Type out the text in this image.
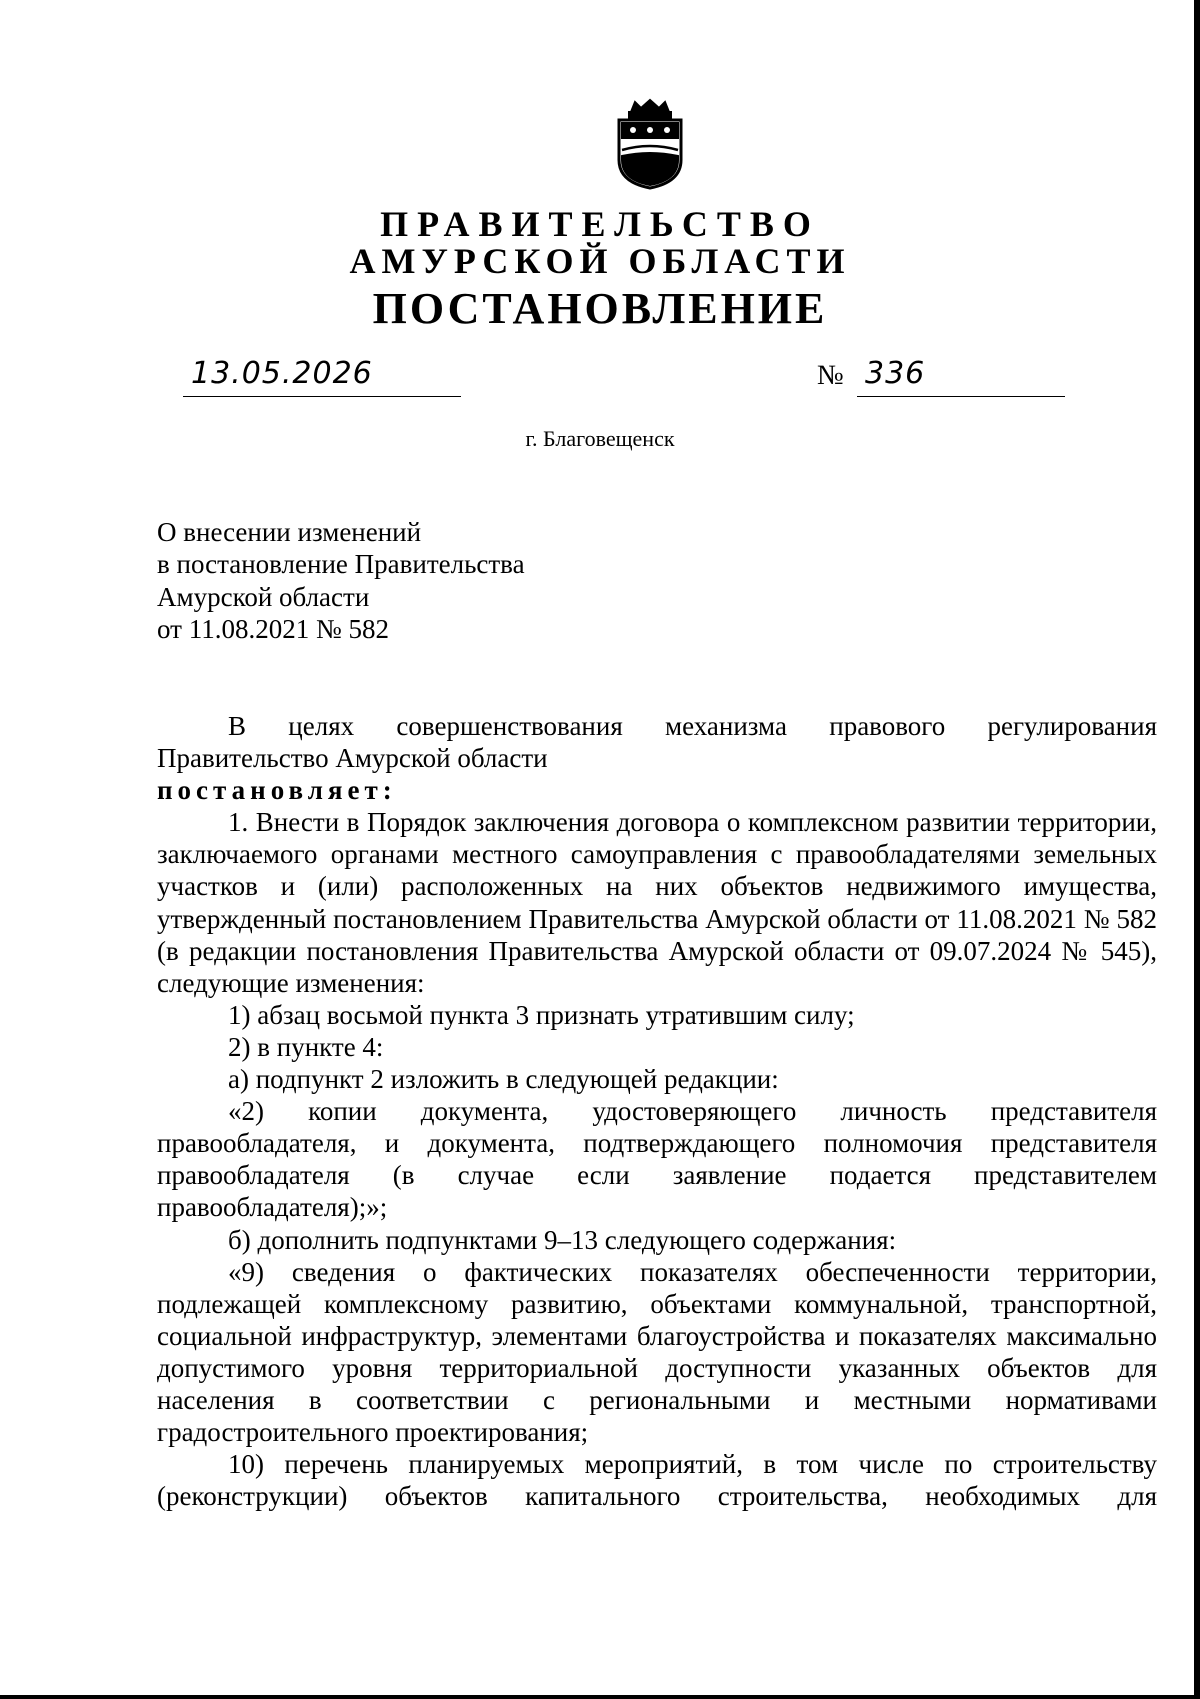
ПРАВИТЕЛЬСТВО
АМУРСКОЙ ОБЛАСТИ
ПОСТАНОВЛЕНИЕ
13.05.2026	№ 336
г. Благовещенск
О внесении изменений
в постановление Правительства
Амурской области
от 11.08.2021 № 582

В целях совершенствования механизма правового регулирования Правительство Амурской области

постановляет:

1. Внести в Порядок заключения договора о комплексном развитии территории, заключаемого органами местного самоуправления с правообладателями земельных участков и (или) расположенных на них объектов недвижимого имущества, утвержденный постановлением Правительства Амурской области от 11.08.2021 № 582 (в редакции постановления Правительства Амурской области от 09.07.2024 № 545), следующие изменения:

1) абзац восьмой пункта 3 признать утратившим силу;

2) в пункте 4:

а) подпункт 2 изложить в следующей редакции:

«2) копии документа, удостоверяющего личность представителя правообладателя, и документа, подтверждающего полномочия представителя правообладателя (в случае если заявление подается представителем правообладателя);»;

б) дополнить подпунктами 9–13 следующего содержания:

«9) сведения о фактических показателях обеспеченности территории, подлежащей комплексному развитию, объектами коммунальной, транспортной, социальной инфраструктур, элементами благоустройства и показателях максимально допустимого уровня территориальной доступности указанных объектов для населения в соответствии с региональными и местными нормативами градостроительного проектирования;

10) перечень планируемых мероприятий, в том числе по строительству (реконструкции) объектов капитального строительства, необходимых для
